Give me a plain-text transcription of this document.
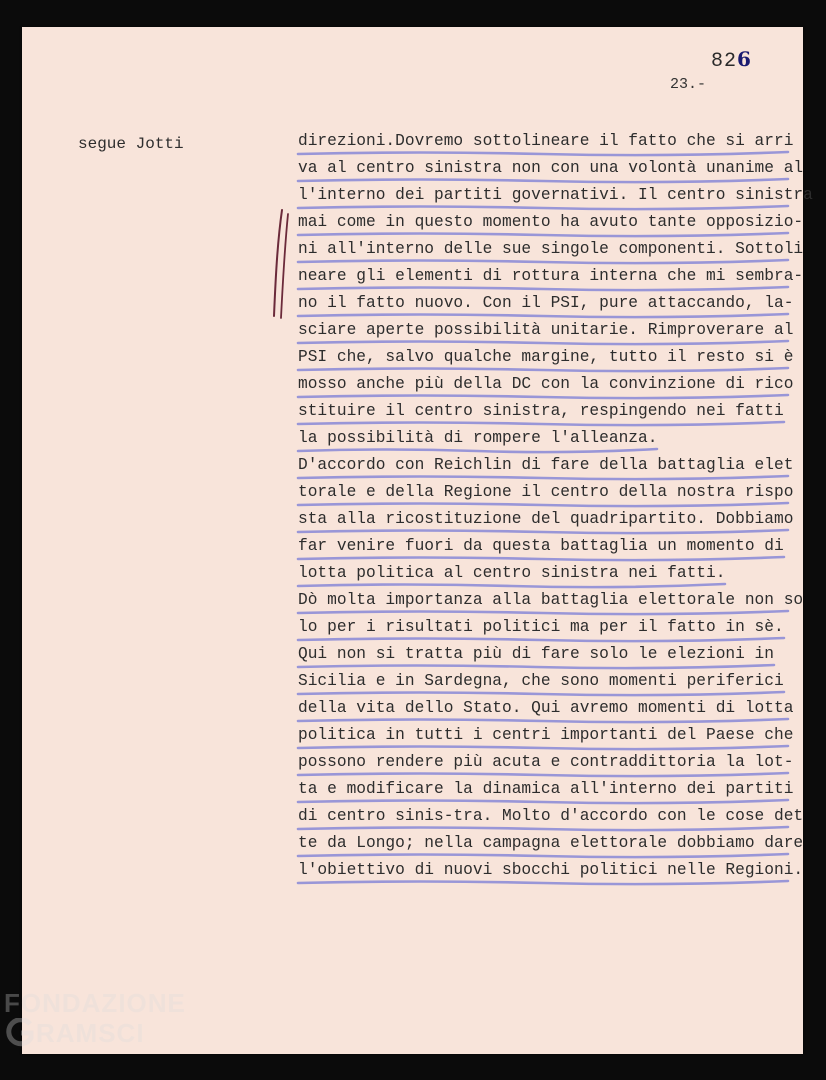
826
23.-
segue Jotti	direzioni.Dovremo sottolineare il fatto che si arri
va al centro sinistra non con una volontà unanime al
l'interno dei partiti governativi. Il centro sinistra
mai come in questo momento ha avuto tante opposizio-
ni all'interno delle sue singole componenti. Sottoli
neare gli elementi di rottura interna che mi sembra-
no il fatto nuovo. Con il PSI, pure attaccando, la-
sciare aperte possibilità unitarie. Rimproverare al
PSI che, salvo qualche margine, tutto il resto si è
mosso anche più della DC con la convinzione di rico
stituire il centro sinistra, respingendo nei fatti
la possibilità di rompere l'alleanza.
D'accordo con Reichlin di fare della battaglia elet
torale e della Regione il centro della nostra rispo
sta alla ricostituzione del quadripartito. Dobbiamo
far venire fuori da questa battaglia un momento di
lotta politica al centro sinistra nei fatti.
Dò molta importanza alla battaglia elettorale non so
lo per i risultati politici ma per il fatto in sè.
Qui non si tratta più di fare solo le elezioni in
Sicilia e in Sardegna, che sono momenti periferici
della vita dello Stato. Qui avremo momenti di lotta
politica in tutti i centri importanti del Paese che
possono rendere più acuta e contraddittoria la lot-
ta e modificare la dinamica all'interno dei partiti
di centro sinis-tra. Molto d'accordo con le cose det
te da Longo; nella campagna elettorale dobbiamo dare
l'obiettivo di nuovi sbocchi politici nelle Regioni.
FONDAZIONE
RAMSCI
